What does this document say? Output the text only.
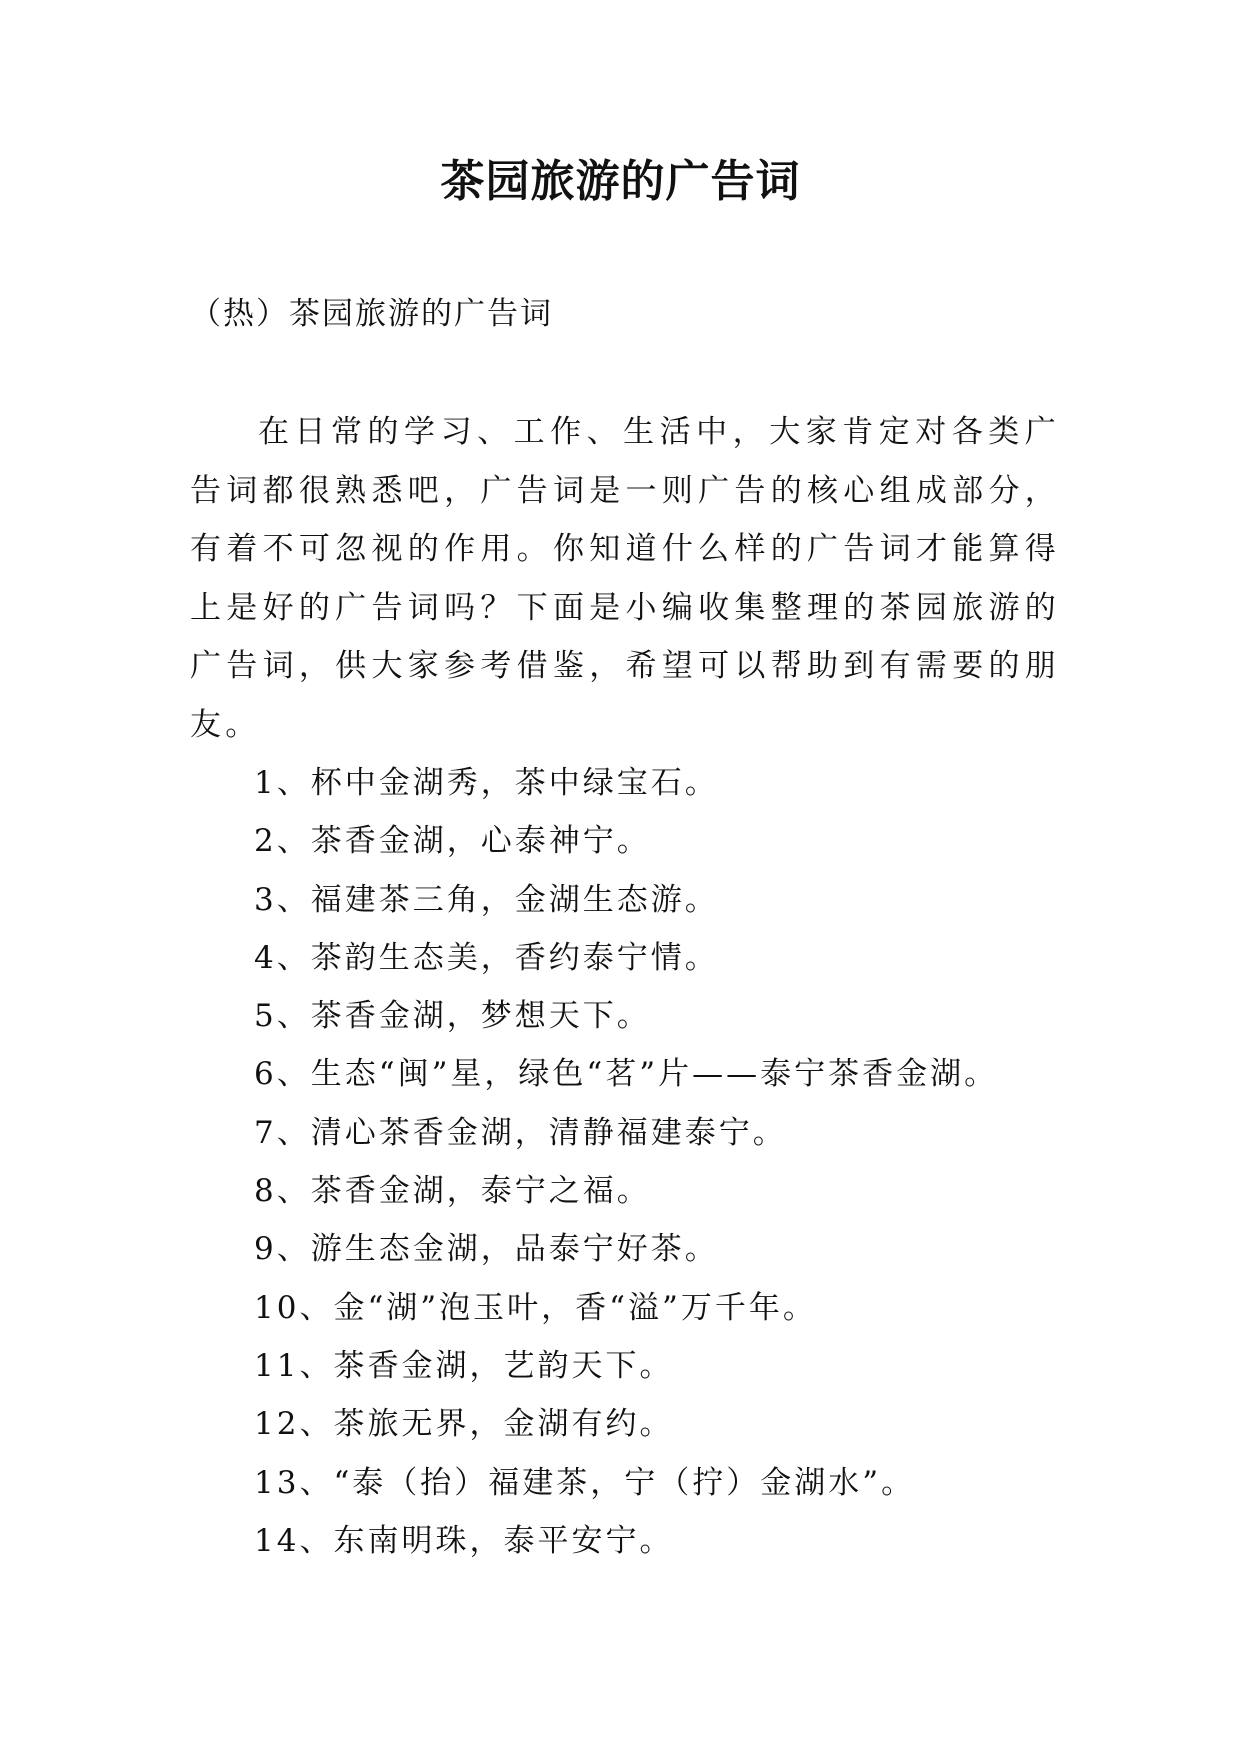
茶园旅游的广告词
（热）茶园旅游的广告词

在日常的学习、工作、生活中，大家肯定对各类广告词都很熟悉吧，广告词是一则广告的核心组成部分，有着不可忽视的作用。你知道什么样的广告词才能算得上是好的广告词吗？下面是小编收集整理的茶园旅游的广告词，供大家参考借鉴，希望可以帮助到有需要的朋友。

1、杯中金湖秀，茶中绿宝石。
2、茶香金湖，心泰神宁。
3、福建茶三角，金湖生态游。
4、茶韵生态美，香约泰宁情。
5、茶香金湖，梦想天下。
6、生态“闽”星，绿色“茗”片——泰宁茶香金湖。
7、清心茶香金湖，清静福建泰宁。
8、茶香金湖，泰宁之福。
9、游生态金湖，品泰宁好茶。
10、金“湖”泡玉叶，香“溢”万千年。
11、茶香金湖，艺韵天下。
12、茶旅无界，金湖有约。
13、“泰（抬）福建茶，宁（拧）金湖水”。
14、东南明珠，泰平安宁。
